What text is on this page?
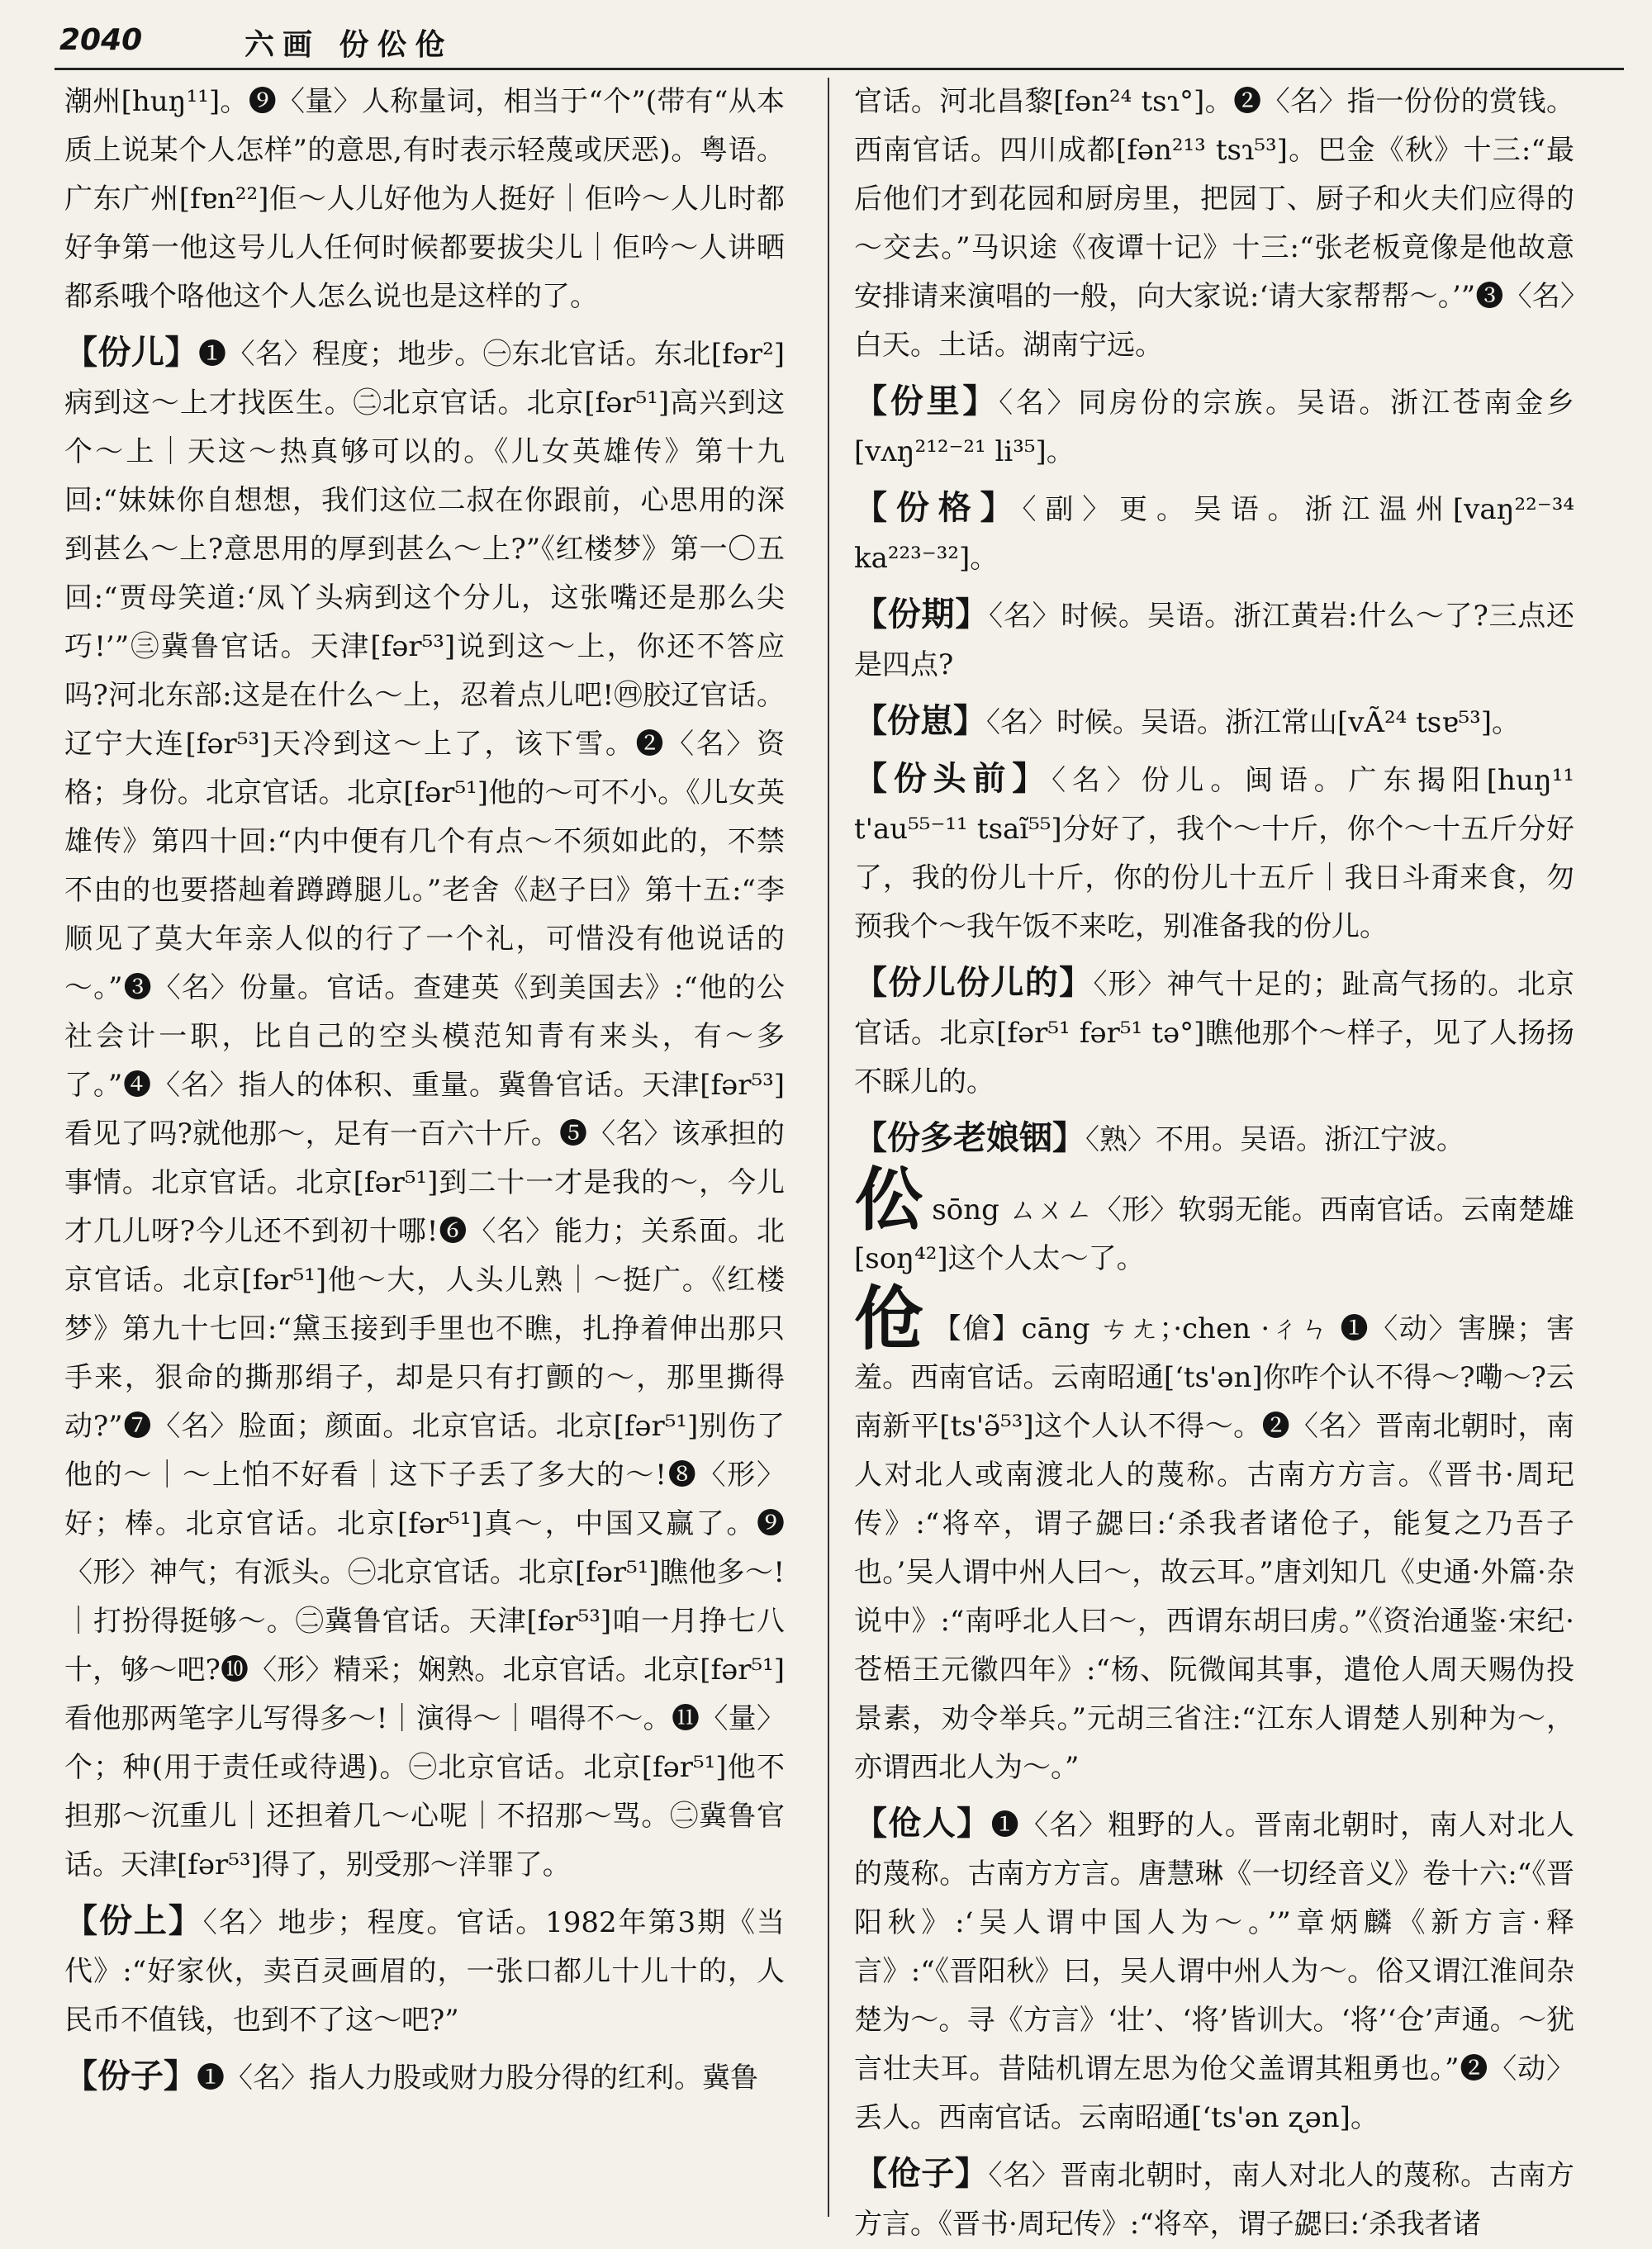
2040	六画 份伀伧

潮州[huŋ¹¹]。❾〈量〉人称量词，相当于“个”(带有“从本质上说某个人怎样”的意思,有时表示轻蔑或厌恶)。粤语。广东广州[fɐn²²]佢～人儿好他为人挺好｜佢吟～人儿时都好争第一他这号儿人任何时候都要拔尖儿｜佢吟～人讲晒都系哦个咯他这个人怎么说也是这样的了。

【份儿】❶〈名〉程度；地步。㊀东北官话。东北[fər²]病到这～上才找医生。㊁北京官话。北京[fər⁵¹]高兴到这个～上｜天这～热真够可以的。《儿女英雄传》第十九回:“妹妹你自想想，我们这位二叔在你跟前，心思用的深到甚么～上?意思用的厚到甚么～上?”《红楼梦》第一〇五回:“贾母笑道:‘凤丫头病到这个分儿，这张嘴还是那么尖巧!’”㊂冀鲁官话。天津[fər⁵³]说到这～上，你还不答应吗?河北东部:这是在什么～上，忍着点儿吧!㊃胶辽官话。辽宁大连[fər⁵³]天冷到这～上了，该下雪。❷〈名〉资格；身份。北京官话。北京[fər⁵¹]他的～可不小。《儿女英雄传》第四十回:“内中便有几个有点～不须如此的，不禁不由的也要搭赸着蹲蹲腿儿。”老舍《赵子曰》第十五:“李顺见了莫大年亲人似的行了一个礼，可惜没有他说话的～。”❸〈名〉份量。官话。查建英《到美国去》:“他的公社会计一职，比自己的空头模范知青有来头，有～多了。”❹〈名〉指人的体积、重量。冀鲁官话。天津[fər⁵³]看见了吗?就他那～，足有一百六十斤。❺〈名〉该承担的事情。北京官话。北京[fər⁵¹]到二十一才是我的～，今儿才几儿呀?今儿还不到初十哪!❻〈名〉能力；关系面。北京官话。北京[fər⁵¹]他～大，人头儿熟｜～挺广。《红楼梦》第九十七回:“黛玉接到手里也不瞧，扎挣着伸出那只手来，狠命的撕那绢子，却是只有打颤的～，那里撕得动?”❼〈名〉脸面；颜面。北京官话。北京[fər⁵¹]别伤了他的～｜～上怕不好看｜这下子丢了多大的～!❽〈形〉好；棒。北京官话。北京[fər⁵¹]真～，中国又赢了。❾〈形〉神气；有派头。㊀北京官话。北京[fər⁵¹]瞧他多～!｜打扮得挺够～。㊁冀鲁官话。天津[fər⁵³]咱一月挣七八十，够～吧?❿〈形〉精采；娴熟。北京官话。北京[fər⁵¹]看他那两笔字儿写得多～!｜演得～｜唱得不～。⓫〈量〉个；种(用于责任或待遇)。㊀北京官话。北京[fər⁵¹]他不担那～沉重儿｜还担着几～心呢｜不招那～骂。㊁冀鲁官话。天津[fər⁵³]得了，别受那～洋罪了。

【份上】〈名〉地步；程度。官话。1982年第3期《当代》:“好家伙，卖百灵画眉的，一张口都儿十儿十的，人民币不值钱，也到不了这～吧?”

【份子】❶〈名〉指人力股或财力股分得的红利。冀鲁

官话。河北昌黎[fən²⁴ tsɿ°]。❷〈名〉指一份份的赏钱。西南官话。四川成都[fən²¹³ tsɿ⁵³]。巴金《秋》十三:“最后他们才到花园和厨房里，把园丁、厨子和火夫们应得的～交去。”马识途《夜谭十记》十三:“张老板竟像是他故意安排请来演唱的一般，向大家说:‘请大家帮帮～。’”❸〈名〉白天。土话。湖南宁远。

【份里】〈名〉同房份的宗族。吴语。浙江苍南金乡[vʌŋ²¹²⁻²¹ li³⁵]。

【份格】〈副〉更。吴语。浙江温州[vaŋ²²⁻³⁴ ka²²³⁻³²]。

【份期】〈名〉时候。吴语。浙江黄岩:什么～了?三点还是四点?

【份崽】〈名〉时候。吴语。浙江常山[vÃ²⁴ tsɐ⁵³]。

【份头前】〈名〉份儿。闽语。广东揭阳[huŋ¹¹ t'au⁵⁵⁻¹¹ tsaĩ⁵⁵]分好了，我个～十斤，你个～十五斤分好了，我的份儿十斤，你的份儿十五斤｜我日斗甭来食，勿预我个～我午饭不来吃，别准备我的份儿。

【份儿份儿的】〈形〉神气十足的；趾高气扬的。北京官话。北京[fər⁵¹ fər⁵¹ tə°]瞧他那个～样子，见了人扬扬不睬儿的。

【份多老娘铟】〈熟〉不用。吴语。浙江宁波。

伀sōng ㄙㄨㄥ〈形〉软弱无能。西南官话。云南楚雄[soŋ⁴²]这个人太～了。

伧 【傖】cāng ㄘㄤ；·chen ·ㄔㄣ ❶〈动〉害臊；害羞。西南官话。云南昭通[ʻts'ən]你咋个认不得～?嘞～?云南新平[ts'ə̃⁵³]这个人认不得～。❷〈名〉晋南北朝时，南人对北人或南渡北人的蔑称。古南方方言。《晋书·周玘传》:“将卒，谓子勰曰:‘杀我者诸伧子，能复之乃吾子也。’吴人谓中州人曰～，故云耳。”唐刘知几《史通·外篇·杂说中》:“南呼北人曰～，西谓东胡曰虏。”《资治通鉴·宋纪·苍梧王元徽四年》:“杨、阮微闻其事，遣伧人周天赐伪投景素，劝令举兵。”元胡三省注:“江东人谓楚人别种为～，亦谓西北人为～。”

【伧人】❶〈名〉粗野的人。晋南北朝时，南人对北人的蔑称。古南方方言。唐慧琳《一切经音义》卷十六:“《晋阳秋》:‘吴人谓中国人为～。’”章炳麟《新方言·释言》:“《晋阳秋》曰，吴人谓中州人为～。俗又谓江淮间杂楚为～。寻《方言》‘壮’、‘将’皆训大。‘将’‘仓’声通。～犹言壮夫耳。昔陆机谓左思为伧父盖谓其粗勇也。”❷〈动〉丢人。西南官话。云南昭通[ʻts'ən ʐən]。

【伧子】〈名〉晋南北朝时，南人对北人的蔑称。古南方方言。《晋书·周玘传》:“将卒，谓子勰曰:‘杀我者诸
